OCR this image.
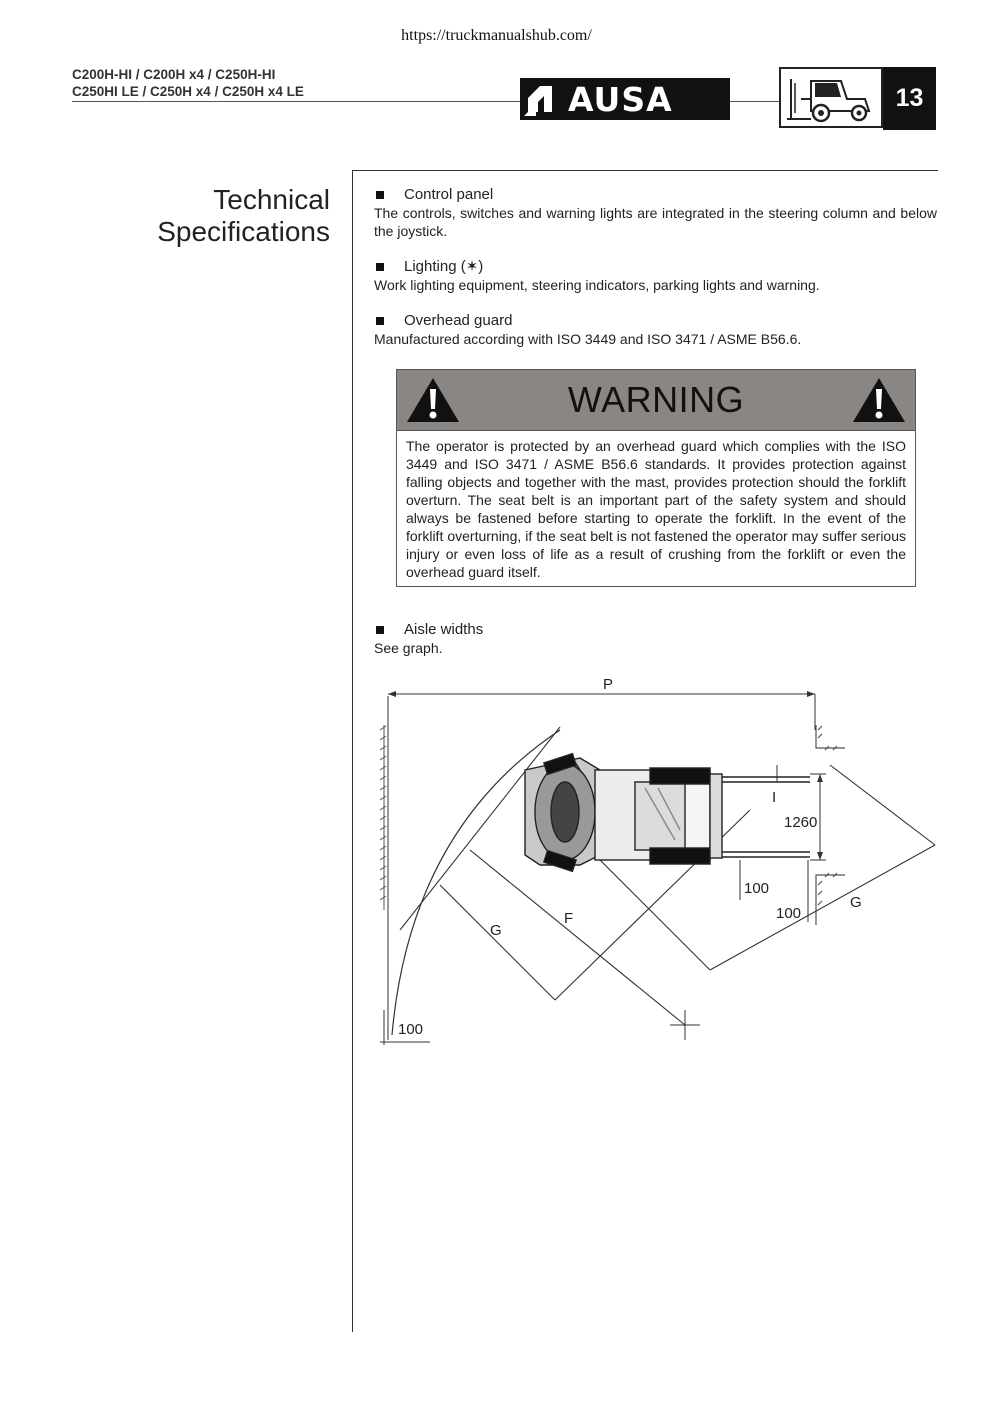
https://truckmanualshub.com/
C200H-HI / C200H x4 / C250H-HI
C250HI LE / C250H x4 / C250H x4 LE	AUSA	13
Technical
Specifications
Control panel
The controls, switches and warning lights are integrated in the steering column and below the joystick.
Lighting (✶)
Work lighting equipment, steering indicators, parking lights and warning.
Overhead guard
Manufactured according with ISO 3449 and ISO 3471 / ASME B56.6.
WARNING
The operator is protected by an overhead guard which complies with the ISO 3449 and ISO 3471 / ASME B56.6 standards. It provides protection against falling objects and together with the mast, provides protection should the forklift overturn. The seat belt is an important part of the safety system and should always be fastened before starting to operate the forklift. In the event of the forklift overturning, if the seat belt is not fastened the operator may suffer serious injury or even loss of life as a result of crushing from the forklift or even the overhead guard itself.
Aisle widths
See graph.
P
1260
I
100
100
G
G
F
100
